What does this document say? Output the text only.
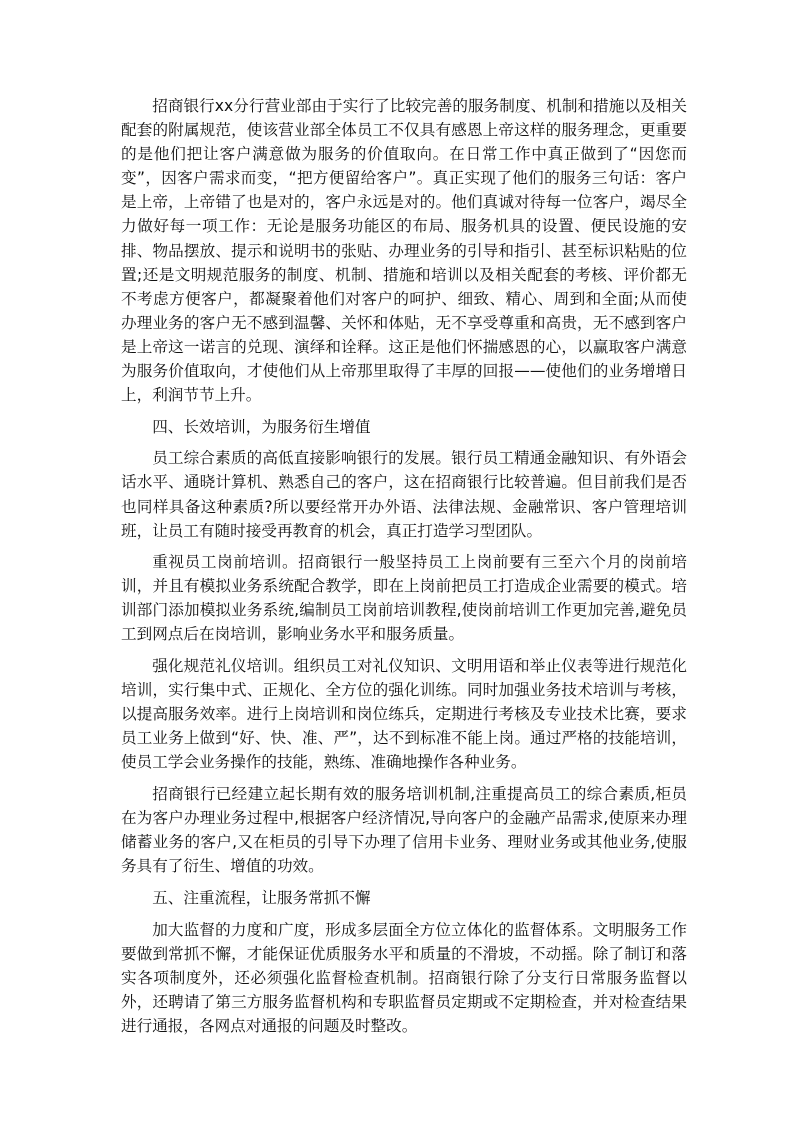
招商银行xx分行营业部由于实行了比较完善的服务制度、机制和措施以及相关配套的附属规范，使该营业部全体员工不仅具有感恩上帝这样的服务理念，更重要的是他们把让客户满意做为服务的价值取向。在日常工作中真正做到了“因您而变”，因客户需求而变，“把方便留给客户”。真正实现了他们的服务三句话：客户是上帝，上帝错了也是对的，客户永远是对的。他们真诚对待每一位客户，竭尽全力做好每一项工作：无论是服务功能区的布局、服务机具的设置、便民设施的安排、物品摆放、提示和说明书的张贴、办理业务的引导和指引、甚至标识粘贴的位置;还是文明规范服务的制度、机制、措施和培训以及相关配套的考核、评价都无不考虑方便客户，都凝聚着他们对客户的呵护、细致、精心、周到和全面;从而使办理业务的客户无不感到温馨、关怀和体贴，无不享受尊重和高贵，无不感到客户是上帝这一诺言的兑现、演绎和诠释。这正是他们怀揣感恩的心，以赢取客户满意为服务价值取向，才使他们从上帝那里取得了丰厚的回报——使他们的业务增增日上，利润节节上升。

四、长效培训，为服务衍生增值

员工综合素质的高低直接影响银行的发展。银行员工精通金融知识、有外语会话水平、通晓计算机、熟悉自己的客户，这在招商银行比较普遍。但目前我们是否也同样具备这种素质?所以要经常开办外语、法律法规、金融常识、客户管理培训班，让员工有随时接受再教育的机会，真正打造学习型团队。

重视员工岗前培训。招商银行一般坚持员工上岗前要有三至六个月的岗前培训，并且有模拟业务系统配合教学，即在上岗前把员工打造成企业需要的模式。培训部门添加模拟业务系统,编制员工岗前培训教程,使岗前培训工作更加完善,避免员工到网点后在岗培训，影响业务水平和服务质量。

强化规范礼仪培训。组织员工对礼仪知识、文明用语和举止仪表等进行规范化培训，实行集中式、正规化、全方位的强化训练。同时加强业务技术培训与考核，以提高服务效率。进行上岗培训和岗位练兵，定期进行考核及专业技术比赛，要求员工业务上做到“好、快、准、严”，达不到标准不能上岗。通过严格的技能培训，使员工学会业务操作的技能，熟练、准确地操作各种业务。

招商银行已经建立起长期有效的服务培训机制,注重提高员工的综合素质,柜员在为客户办理业务过程中,根据客户经济情况,导向客户的金融产品需求,使原来办理储蓄业务的客户,又在柜员的引导下办理了信用卡业务、理财业务或其他业务,使服务具有了衍生、增值的功效。

五、注重流程，让服务常抓不懈

加大监督的力度和广度，形成多层面全方位立体化的监督体系。文明服务工作要做到常抓不懈，才能保证优质服务水平和质量的不滑坡，不动摇。除了制订和落实各项制度外，还必须强化监督检查机制。招商银行除了分支行日常服务监督以外，还聘请了第三方服务监督机构和专职监督员定期或不定期检查，并对检查结果进行通报，各网点对通报的问题及时整改。
